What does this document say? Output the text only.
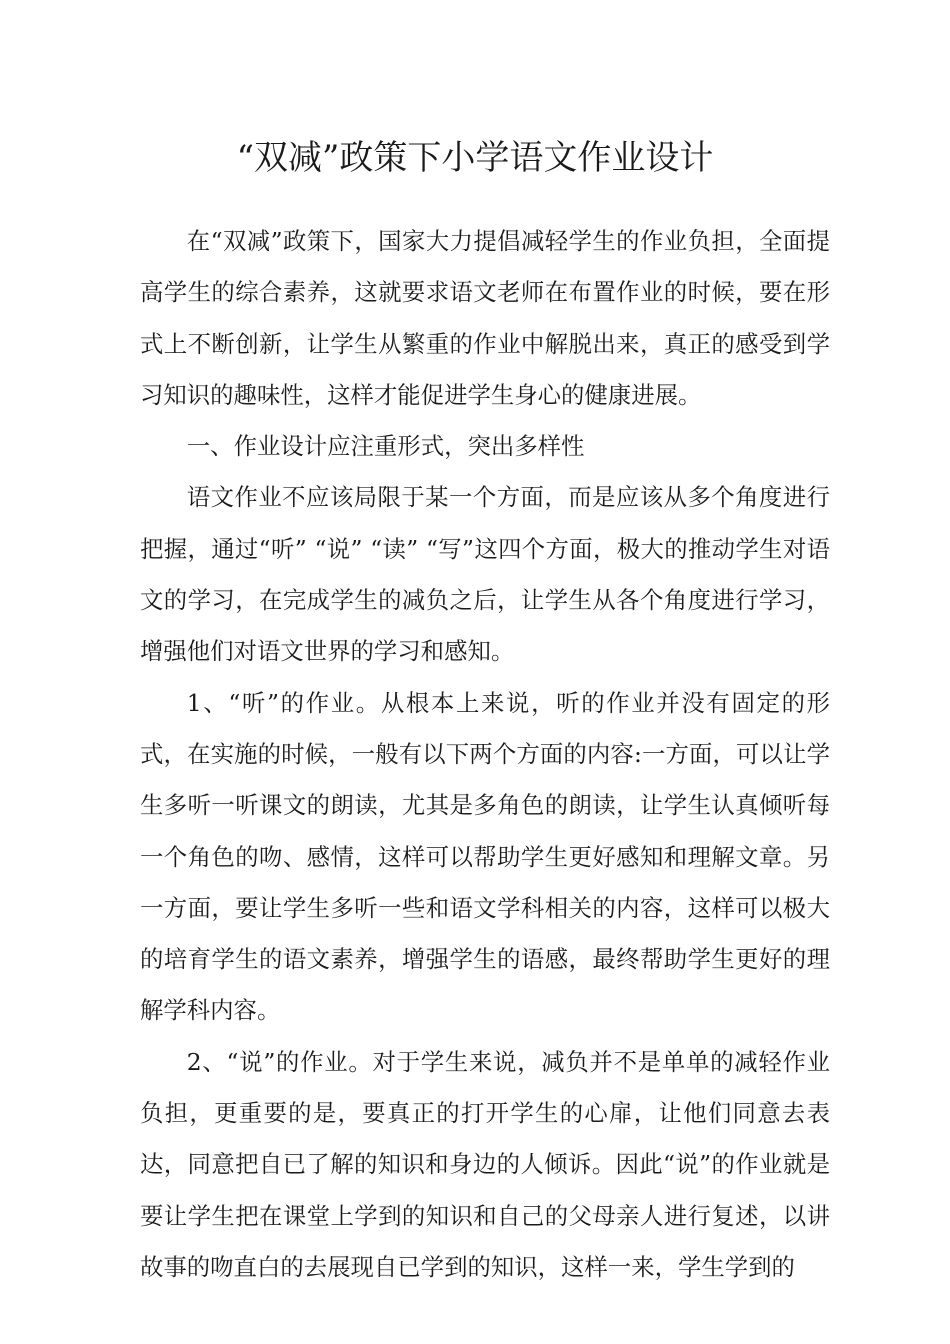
“双减”政策下小学语文作业设计

在“双减”政策下，国家大力提倡减轻学生的作业负担，全面提高学生的综合素养，这就要求语文老师在布置作业的时候，要在形式上不断创新，让学生从繁重的作业中解脱出来，真正的感受到学习知识的趣味性，这样才能促进学生身心的健康进展。

一、作业设计应注重形式，突出多样性

语文作业不应该局限于某一个方面，而是应该从多个角度进行把握，通过“听” “说” “读” “写”这四个方面，极大的推动学生对语文的学习，在完成学生的减负之后，让学生从各个角度进行学习，增强他们对语文世界的学习和感知。

1、“听”的作业。从根本上来说，听的作业并没有固定的形式，在实施的时候，一般有以下两个方面的内容:一方面，可以让学生多听一听课文的朗读，尤其是多角色的朗读，让学生认真倾听每一个角色的吻、感情，这样可以帮助学生更好感知和理解文章。另一方面，要让学生多听一些和语文学科相关的内容，这样可以极大的培育学生的语文素养，增强学生的语感，最终帮助学生更好的理解学科内容。

2、“说”的作业。对于学生来说，减负并不是单单的减轻作业负担，更重要的是，要真正的打开学生的心扉，让他们同意去表达，同意把自已了解的知识和身边的人倾诉。因此“说”的作业就是要让学生把在课堂上学到的知识和自己的父母亲人进行复述，以讲故事的吻直白的去展现自已学到的知识，这样一来，学生学到的
